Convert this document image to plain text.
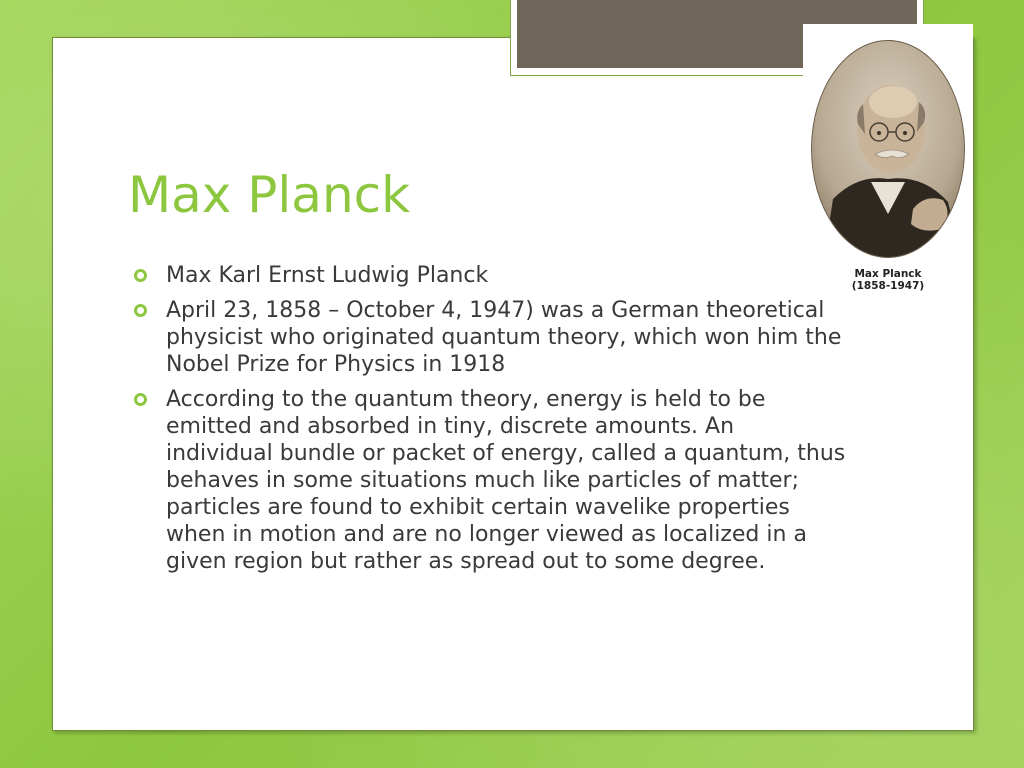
Max Planck
Max Karl Ernst Ludwig Planck
April 23, 1858 – October 4, 1947) was a German theoretical physicist who originated quantum theory, which won him the Nobel Prize for Physics in 1918
According to the quantum theory, energy is held to be emitted and absorbed in tiny, discrete amounts. An individual bundle or packet of energy, called a quantum, thus behaves in some situations much like particles of matter; particles are found to exhibit certain wavelike properties when in motion and are no longer viewed as localized in a given region but rather as spread out to some degree.
Max Planck
(1858-1947)
